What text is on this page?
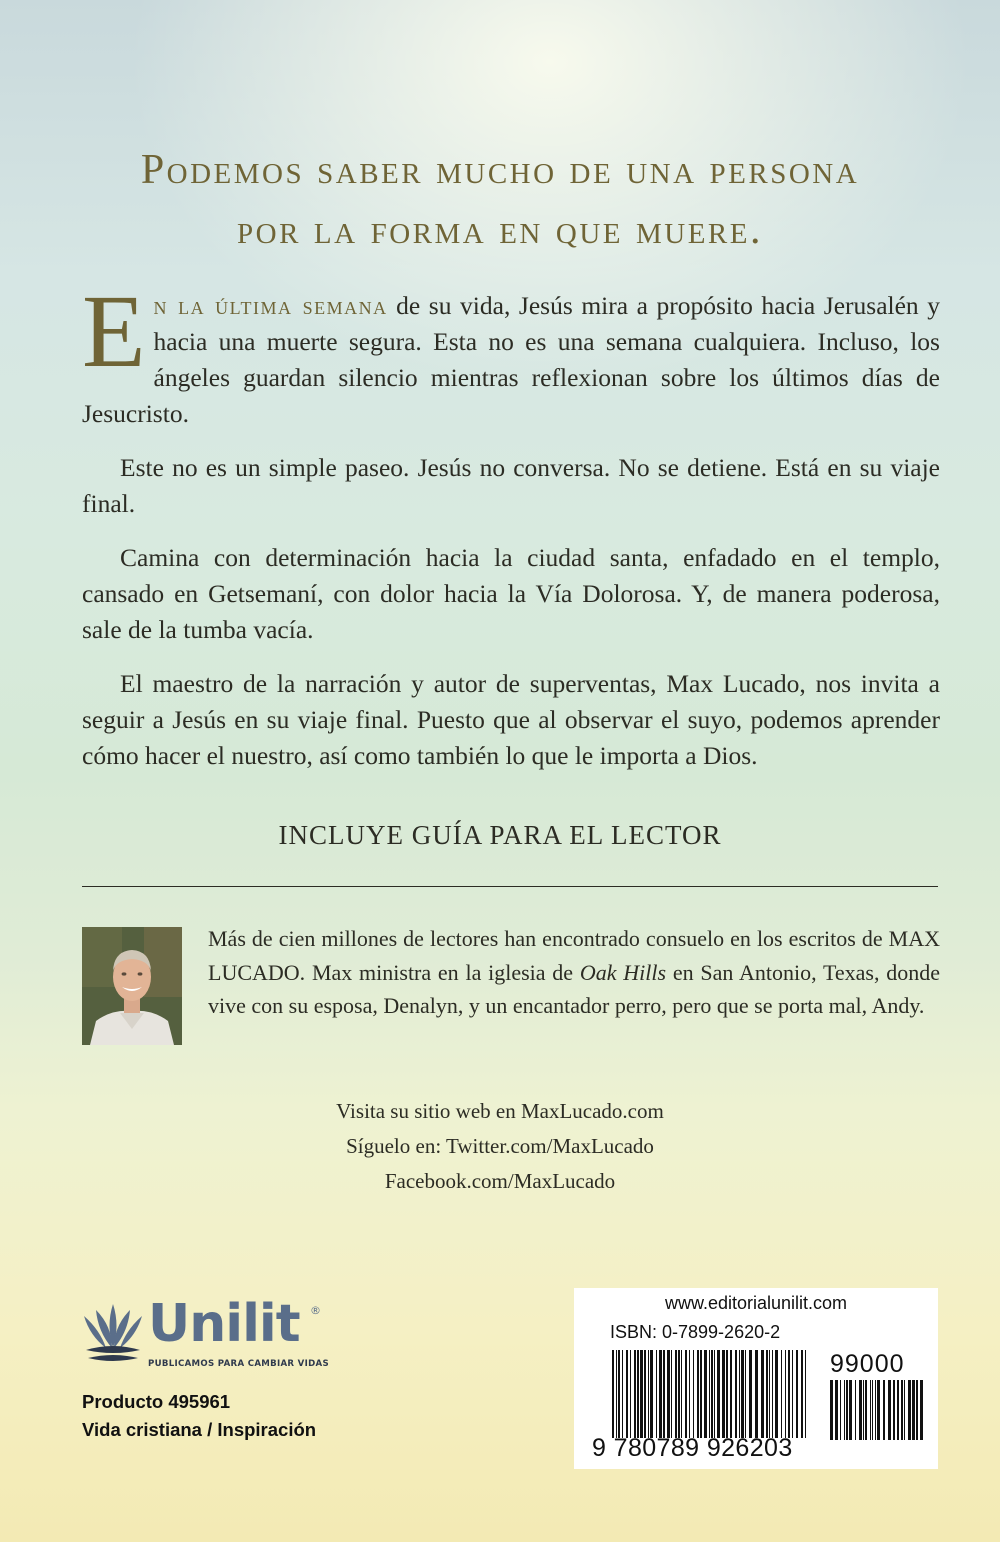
Podemos saber mucho de una persona
por la forma en que muere.

En la última semana de su vida, Jesús mira a propósito hacia Jerusalén y hacia una muerte segura. Esta no es una semana cualquiera. Incluso, los ángeles guardan silencio mientras reflexionan sobre los últimos días de Jesucristo.

Este no es un simple paseo. Jesús no conversa. No se detiene. Está en su viaje final.

Camina con determinación hacia la ciudad santa, enfadado en el templo, cansado en Getsemaní, con dolor hacia la Vía Dolorosa. Y, de manera poderosa, sale de la tumba vacía.

El maestro de la narración y autor de superventas, Max Lucado, nos invita a seguir a Jesús en su viaje final. Puesto que al observar el suyo, podemos aprender cómo hacer el nuestro, así como también lo que le importa a Dios.

INCLUYE GUÍA PARA EL LECTOR
Más de cien millones de lectores han encontrado consuelo en los escritos de MAX LUCADO. Max ministra en la iglesia de Oak Hills en San Antonio, Texas, donde vive con su esposa, Denalyn, y un encantador perro, pero que se porta mal, Andy.
Visita su sitio web en MaxLucado.com
Síguelo en: Twitter.com/MaxLucado
Facebook.com/MaxLucado
Unilit ®
PUBLICAMOS PARA CAMBIAR VIDAS
Producto 495961
Vida cristiana / Inspiración
www.editorialunilit.com
ISBN: 0-7899-2620-2
99000
9 780789 926203
